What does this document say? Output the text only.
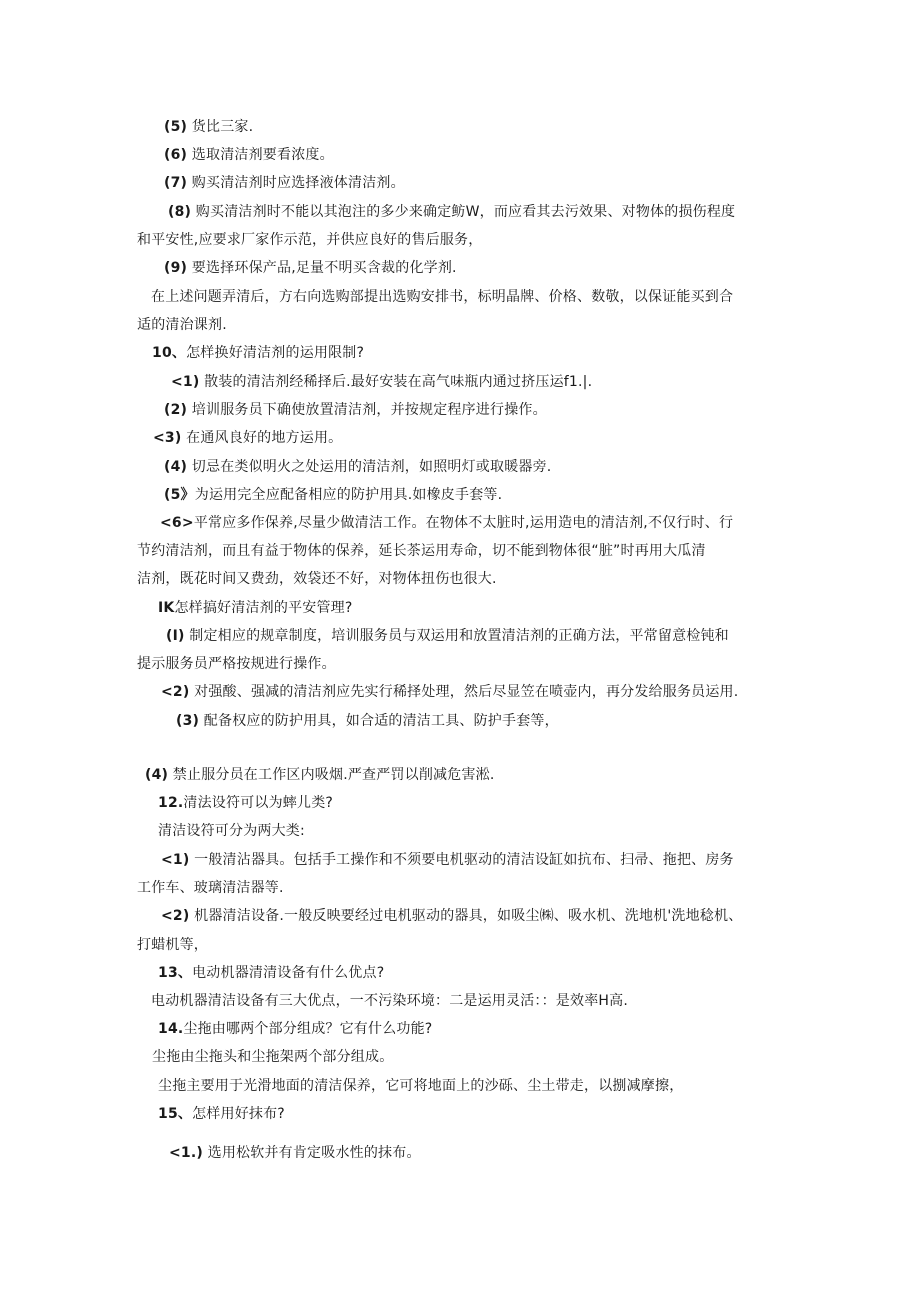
(5) 货比三家.
(6) 选取清洁剂要看浓度。
(7) 购买清洁剂时应选择液体清洁剂。
(8) 购买清洁剂时不能以其泡注的多少来确定鲂W，而应看其去污效果、对物体的损伤程度
和平安性,应要求厂家作示范，并供应良好的售后服务，
(9) 要选择环保产品,足量不明买含裁的化学剂.
在上述问题弄清后，方右向选购部提出选购安排书，标明晶牌、价格、数敬，以保证能买到合
适的清治课剂.
10、怎样换好清洁剂的运用限制?
<1) 散装的清洁剂经稀择后.最好安装在高气味瓶内通过挤压运f1.|.
(2) 培训服务员下确使放置清洁剂，并按规定程序进行操作。
<3) 在通风良好的地方运用。
(4) 切忌在类似明火之处运用的清洁剂，如照明灯或取暖器旁.
(5》为运用完全应配备相应的防护用具.如橡皮手套等.
<6>平常应多作保养,尽量少做清洁工作。在物体不太脏时,运用造电的清洁剂,不仅行时、行
节约清洁剂，而且有益于物体的保养，延长茶运用寿命，切不能到物体很“脏”时再用大瓜清
洁剂，既花时间又费劲，效袋还不好，对物体扭伤也很大.
IK怎样搞好清洁剂的平安管理?
(I) 制定相应的规章制度，培训服务员与双运用和放置清洁剂的正确方法，平常留意检钝和
提示服务员严格按规进行操作。
<2) 对强酸、强减的清洁剂应先实行稀择处理，然后尽显笠在喷壶内，再分发给服务员运用.
(3) 配备权应的防护用具，如合适的清洁工具、防护手套等，
(4) 禁止服分员在工作区内吸烟.严查严罚以削减危害淞.
12.清法设符可以为蟀儿类?
清洁设符可分为两大类:
<1) 一般清沾器具。包括手工操作和不须要电机驱动的清洁设缸如抗布、扫帚、拖把、房务
工作车、玻璃清洁器等.
<2) 机器清洁设备.一般反映要经过电机驱动的器具，如吸尘㈱、吸水机、洗地机'洗地稔机、
打蜡机等，
13、电动机器清清设备有什么优点?
电动机器清洁设备有三大优点，一不污染环境：二是运用灵活：：是效率H高.
14.尘拖由哪两个部分组成？它有什么功能?
尘拖由尘拖头和尘拖架两个部分组成。
尘拖主要用于光滑地面的清洁保养，它可将地面上的沙砾、尘土带走，以捌减摩擦，
15、怎样用好抹布?
<1.) 选用松软并有肯定吸水性的抹布。
